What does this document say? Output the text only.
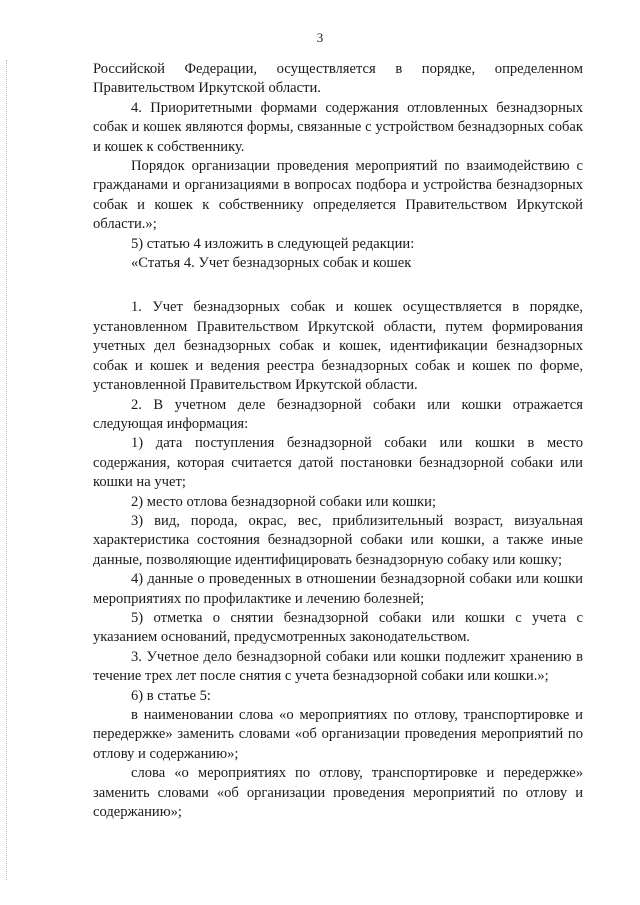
3

Российской Федерации, осуществляется в порядке, определенном Правительством Иркутской области.

4. Приоритетными формами содержания отловленных безнадзорных собак и кошек являются формы, связанные с устройством безнадзорных собак и кошек к собственнику.

Порядок организации проведения мероприятий по взаимодействию с гражданами и организациями в вопросах подбора и устройства безнадзорных собак и кошек к собственнику определяется Правительством Иркутской области.»;

5) статью 4 изложить в следующей редакции:

«Статья 4. Учет безнадзорных собак и кошек

1. Учет безнадзорных собак и кошек осуществляется в порядке, установленном Правительством Иркутской области, путем формирования учетных дел безнадзорных собак и кошек, идентификации безнадзорных собак и кошек и ведения реестра безнадзорных собак и кошек по форме, установленной Правительством Иркутской области.

2. В учетном деле безнадзорной собаки или кошки отражается следующая информация:

1) дата поступления безнадзорной собаки или кошки в место содержания, которая считается датой постановки безнадзорной собаки или кошки на учет;

2) место отлова безнадзорной собаки или кошки;

3) вид, порода, окрас, вес, приблизительный возраст, визуальная характеристика состояния безнадзорной собаки или кошки, а также иные данные, позволяющие идентифицировать безнадзорную собаку или кошку;

4) данные о проведенных в отношении безнадзорной собаки или кошки мероприятиях по профилактике и лечению болезней;

5) отметка о снятии безнадзорной собаки или кошки с учета с указанием оснований, предусмотренных законодательством.

3. Учетное дело безнадзорной собаки или кошки подлежит хранению в течение трех лет после снятия с учета безнадзорной собаки или кошки.»;

6) в статье 5:

в наименовании слова «о мероприятиях по отлову, транспортировке и передержке» заменить словами «об организации проведения мероприятий по отлову и содержанию»;

слова «о мероприятиях по отлову, транспортировке и передержке» заменить словами «об организации проведения мероприятий по отлову и содержанию»;
